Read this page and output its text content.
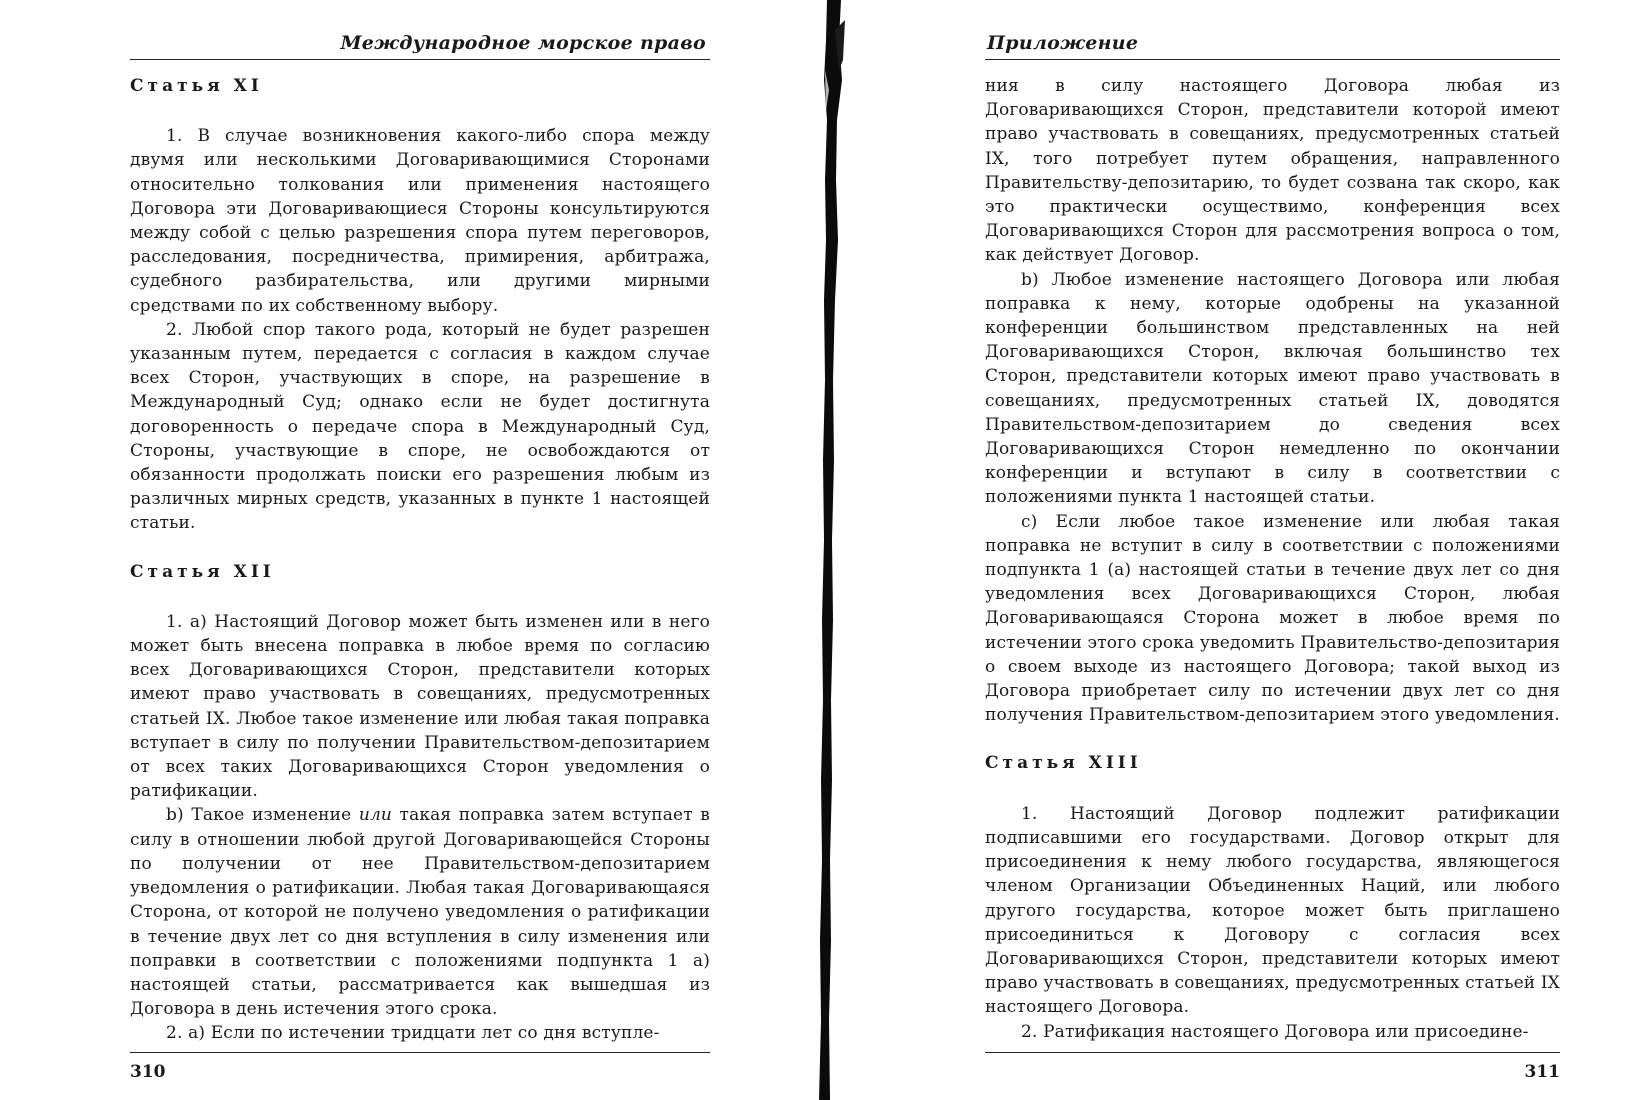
Международное морское право
Статья XI

1. В случае возникновения какого-либо спора между двумя или несколькими Договаривающимися Сторонами относительно толкования или применения настоящего Договора эти Договаривающиеся Стороны консультируются между собой с целью разрешения спора путем переговоров, расследования, посредничества, примирения, арбитража, судебного разбирательства, или другими мирными средствами по их собственному выбору.

2. Любой спор такого рода, который не будет разрешен указанным путем, передается с согласия в каждом случае всех Сторон, участвующих в споре, на разрешение в Международный Суд; однако если не будет достигнута договоренность о передаче спора в Международный Суд, Стороны, участвующие в споре, не освобождаются от обязанности продолжать поиски его разрешения любым из различных мирных средств, указанных в пункте 1 настоящей статьи.

Статья XII

1. а) Настоящий Договор может быть изменен или в него может быть внесена поправка в любое время по согласию всех Договаривающихся Сторон, представители которых имеют право участвовать в совещаниях, предусмотренных статьей IX. Любое такое изменение или любая такая поправка вступает в силу по получении Правительством-депозитарием от всех таких Договаривающихся Сторон уведомления о ратификации.

b) Такое изменение или такая поправка затем вступает в силу в отношении любой другой Договаривающейся Стороны по получении от нее Правительством-депозитарием уведомления о ратификации. Любая такая Договаривающаяся Сторона, от которой не получено уведомления о ратификации в течение двух лет со дня вступления в силу изменения или поправки в соответствии с положениями подпункта 1 а) настоящей статьи, рассматривается как вышедшая из Договора в день истечения этого срока.

2. а) Если по истечении тридцати лет со дня вступле-

310
Приложение

ния в силу настоящего Договора любая из Договаривающихся Сторон, представители которой имеют право участвовать в совещаниях, предусмотренных статьей IX, того потребует путем обращения, направленного Правительству-депозитарию, то будет созвана так скоро, как это практически осуществимо, конференция всех Договаривающихся Сторон для рассмотрения вопроса о том, как действует Договор.

b) Любое изменение настоящего Договора или любая поправка к нему, которые одобрены на указанной конференции большинством представленных на ней Договаривающихся Сторон, включая большинство тех Сторон, представители которых имеют право участвовать в совещаниях, предусмотренных статьей IX, доводятся Правительством-депозитарием до сведения всех Договаривающихся Сторон немедленно по окончании конференции и вступают в силу в соответствии с положениями пункта 1 настоящей статьи.

с) Если любое такое изменение или любая такая поправка не вступит в силу в соответствии с положениями подпункта 1 (а) настоящей статьи в течение двух лет со дня уведомления всех Договаривающихся Сторон, любая Договаривающаяся Сторона может в любое время по истечении этого срока уведомить Правительство-депозитария о своем выходе из настоящего Договора; такой выход из Договора приобретает силу по истечении двух лет со дня получения Правительством-депозитарием этого уведомления.

Статья XIII

1. Настоящий Договор подлежит ратификации подписавшими его государствами. Договор открыт для присоединения к нему любого государства, являющегося членом Организации Объединенных Наций, или любого другого государства, которое может быть приглашено присоединиться к Договору с согласия всех Договаривающихся Сторон, представители которых имеют право участвовать в совещаниях, предусмотренных статьей IX настоящего Договора.

2. Ратификация настоящего Договора или присоедине-

311
